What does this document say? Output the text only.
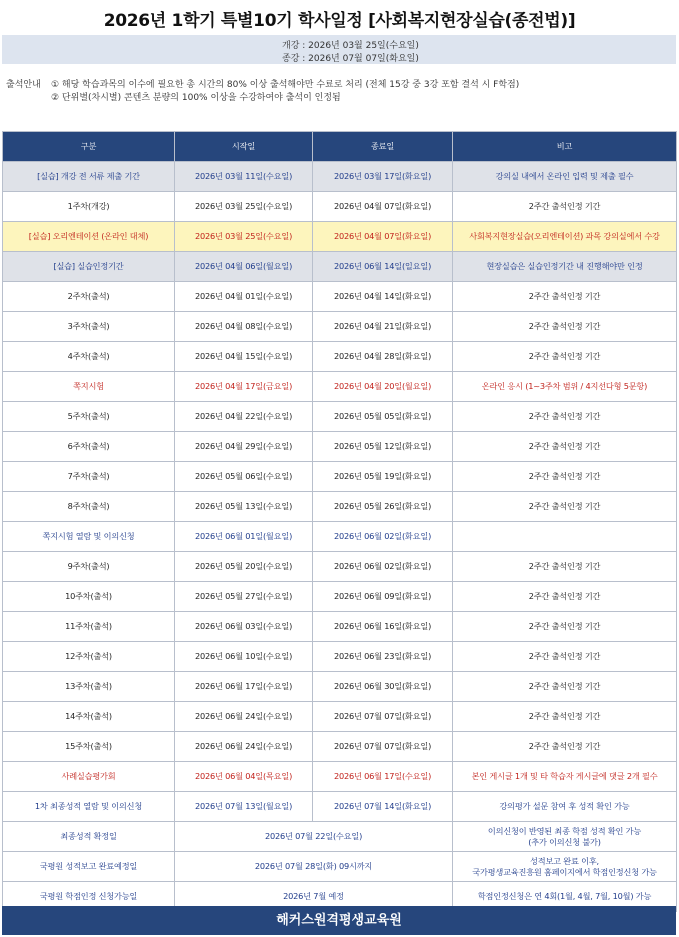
2026년 1학기 특별10기 학사일정 [사회복지현장실습(종전법)]
개강 : 2026년 03월 25일(수요일)
종강 : 2026년 07월 07일(화요일)
출석안내 ① 해당 학습과목의 이수에 필요한 총 시간의 80% 이상 출석해야만 수료로 처리 (전체 15강 중 3강 포함 결석 시 F학점)
② 단위별(차시별) 콘텐츠 분량의 100% 이상을 수강하여야 출석이 인정됨
구분	시작일	종료일	비고
[실습] 개강 전 서류 제출 기간	2026년 03월 11일(수요일)	2026년 03월 17일(화요일)	강의실 내에서 온라인 입력 및 제출 필수
1주차(개강)	2026년 03월 25일(수요일)	2026년 04월 07일(화요일)	2주간 출석인정 기간
[실습] 오리엔테이션 (온라인 대체)	2026년 03월 25일(수요일)	2026년 04월 07일(화요일)	사회복지현장실습(오리엔테이션) 과목 강의실에서 수강
[실습] 실습인정기간	2026년 04월 06일(월요일)	2026년 06월 14일(일요일)	현장실습은 실습인정기간 내 진행해야만 인정
2주차(출석)	2026년 04월 01일(수요일)	2026년 04월 14일(화요일)	2주간 출석인정 기간
3주차(출석)	2026년 04월 08일(수요일)	2026년 04월 21일(화요일)	2주간 출석인정 기간
4주차(출석)	2026년 04월 15일(수요일)	2026년 04월 28일(화요일)	2주간 출석인정 기간
쪽지시험	2026년 04월 17일(금요일)	2026년 04월 20일(월요일)	온라인 응시 (1~3주차 범위 / 4지선다형 5문항)
5주차(출석)	2026년 04월 22일(수요일)	2026년 05월 05일(화요일)	2주간 출석인정 기간
6주차(출석)	2026년 04월 29일(수요일)	2026년 05월 12일(화요일)	2주간 출석인정 기간
7주차(출석)	2026년 05월 06일(수요일)	2026년 05월 19일(화요일)	2주간 출석인정 기간
8주차(출석)	2026년 05월 13일(수요일)	2026년 05월 26일(화요일)	2주간 출석인정 기간
쪽지시험 열람 및 이의신청	2026년 06월 01일(월요일)	2026년 06월 02일(화요일)	
9주차(출석)	2026년 05월 20일(수요일)	2026년 06월 02일(화요일)	2주간 출석인정 기간
10주차(출석)	2026년 05월 27일(수요일)	2026년 06월 09일(화요일)	2주간 출석인정 기간
11주차(출석)	2026년 06월 03일(수요일)	2026년 06월 16일(화요일)	2주간 출석인정 기간
12주차(출석)	2026년 06월 10일(수요일)	2026년 06월 23일(화요일)	2주간 출석인정 기간
13주차(출석)	2026년 06월 17일(수요일)	2026년 06월 30일(화요일)	2주간 출석인정 기간
14주차(출석)	2026년 06월 24일(수요일)	2026년 07월 07일(화요일)	2주간 출석인정 기간
15주차(출석)	2026년 06월 24일(수요일)	2026년 07월 07일(화요일)	2주간 출석인정 기간
사례실습평가회	2026년 06월 04일(목요일)	2026년 06월 17일(수요일)	본인 게시글 1개 및 타 학습자 게시글에 댓글 2개 필수
1차 최종성적 열람 및 이의신청	2026년 07월 13일(월요일)	2026년 07월 14일(화요일)	강의평가 설문 참여 후 성적 확인 가능
최종성적 확정일	2026년 07월 22일(수요일)		이의신청이 반영된 최종 학점 성적 확인 가능
(추가 이의신청 불가)

국평원 성적보고 완료예정일	2026년 07월 28일(화) 09시까지		성적보고 완료 이후,
국가평생교육진흥원 홈페이지에서 학점인정신청 가능

국평원 학점인정 신청가능일	2026년 7월 예정		학점인정신청은 연 4회(1월, 4월, 7월, 10월) 가능
해커스원격평생교육원
